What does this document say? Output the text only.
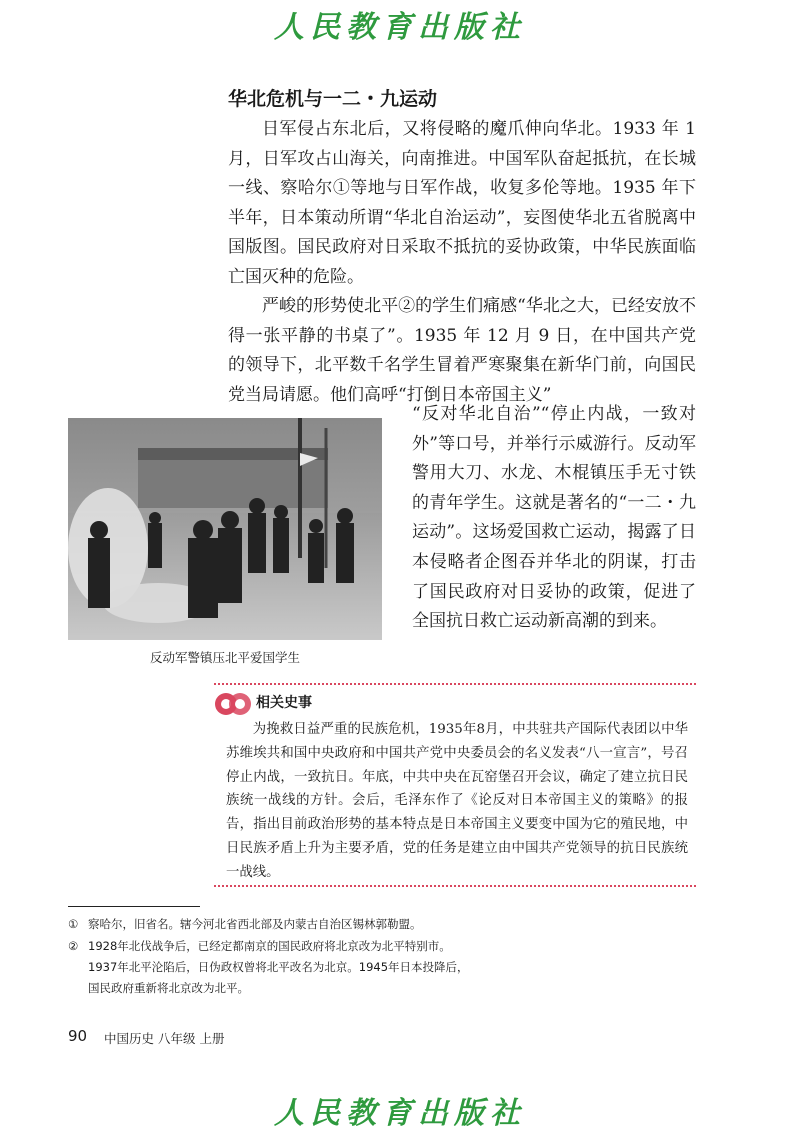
人民教育出版社
华北危机与一二・九运动

日军侵占东北后，又将侵略的魔爪伸向华北。1933 年 1 月，日军攻占山海关，向南推进。中国军队奋起抵抗，在长城一线、察哈尔①等地与日军作战，收复多伦等地。1935 年下半年，日本策动所谓“华北自治运动”，妄图使华北五省脱离中国版图。国民政府对日采取不抵抗的妥协政策，中华民族面临亡国灭种的危险。

严峻的形势使北平②的学生们痛感“华北之大，已经安放不得一张平静的书桌了”。1935 年 12 月 9 日，在中国共产党的领导下，北平数千名学生冒着严寒聚集在新华门前，向国民党当局请愿。他们高呼“打倒日本帝国主义”

“反对华北自治”“停止内战，一致对外”等口号，并举行示威游行。反动军警用大刀、水龙、木棍镇压手无寸铁的青年学生。这就是著名的“一二・九运动”。这场爱国救亡运动，揭露了日本侵略者企图吞并华北的阴谋，打击了国民政府对日妥协的政策，促进了全国抗日救亡运动新高潮的到来。

反动军警镇压北平爱国学生
相关史事
为挽救日益严重的民族危机，1935年8月，中共驻共产国际代表团以中华苏维埃共和国中央政府和中国共产党中央委员会的名义发表“八一宣言”，号召停止内战，一致抗日。年底，中共中央在瓦窑堡召开会议，确定了建立抗日民族统一战线的方针。会后，毛泽东作了《论反对日本帝国主义的策略》的报告，指出目前政治形势的基本特点是日本帝国主义要变中国为它的殖民地，中日民族矛盾上升为主要矛盾，党的任务是建立由中国共产党领导的抗日民族统一战线。
① 察哈尔，旧省名。辖今河北省西北部及内蒙古自治区锡林郭勒盟。
② 1928年北伐战争后，已经定都南京的国民政府将北京改为北平特别市。
1937年北平沦陷后，日伪政权曾将北平改名为北京。1945年日本投降后，
国民政府重新将北京改为北平。
90 中国历史 八年级 上册
人民教育出版社
